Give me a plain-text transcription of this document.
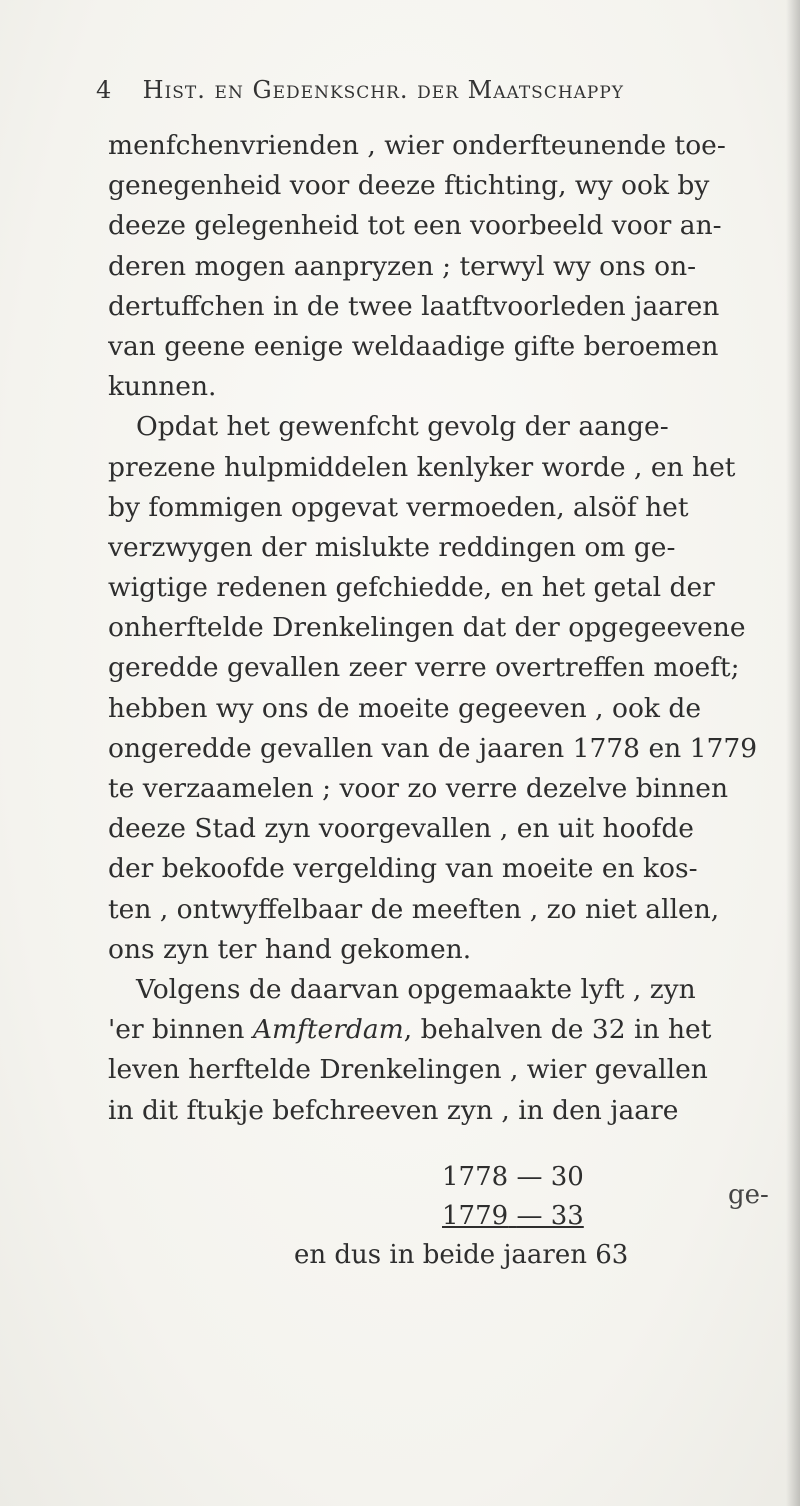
4 Hist. en Gedenkschr. der Maatschappy
menfchenvrienden , wier onderfteunende toe-
genegenheid voor deeze ftichting, wy ook by
deeze gelegenheid tot een voorbeeld voor an-
deren mogen aanpryzen ; terwyl wy ons on-
dertuffchen in de twee laatftvoorleden jaaren
van geene eenige weldaadige gifte beroemen
kunnen.
Opdat het gewenfcht gevolg der aange-
prezene hulpmiddelen kenlyker worde , en het
by fommigen opgevat vermoeden, alsöf het
verzwygen der mislukte reddingen om ge-
wigtige redenen gefchiedde, en het getal der
onherftelde Drenkelingen dat der opgegeevene
geredde gevallen zeer verre overtreffen moeft;
hebben wy ons de moeite gegeeven , ook de
ongeredde gevallen van de jaaren 1778 en 1779
te verzaamelen ; voor zo verre dezelve binnen
deeze Stad zyn voorgevallen , en uit hoofde
der bekoofde vergelding van moeite en kos-
ten , ontwyffelbaar de meeften , zo niet allen,
ons zyn ter hand gekomen.
Volgens de daarvan opgemaakte lyft , zyn
'er binnen Amfterdam, behalven de 32 in het
leven herftelde Drenkelingen , wier gevallen
in dit ftukje befchreeven zyn , in den jaare
1778 — 30
1779 — 33
en dus in beide jaaren 63
ge-
